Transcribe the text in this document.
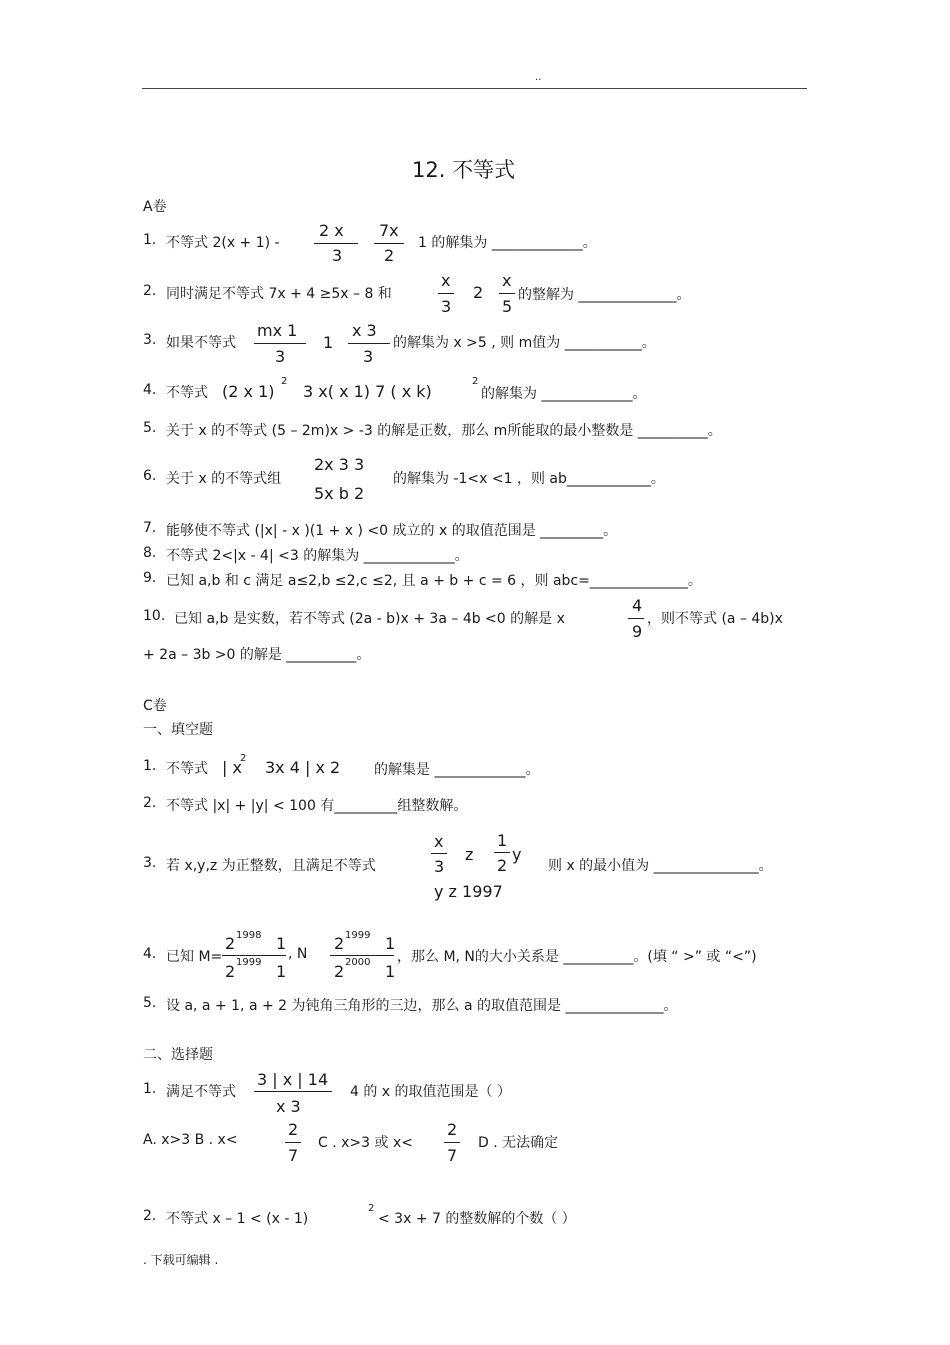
..
12. 不等式
A卷
1. 不等式 2(x + 1) -
2 x
3
7x
2
1 的解集为 _____________。
2. 同时满足不等式 7x + 4 ≥5x – 8 和
x
3
2
x
5
的整解为 ______________。
3. 如果不等式
mx 1
3
1
x 3
3
的解集为 x >5 , 则 m值为 ___________。
4. 不等式 (2 x 1)
2
3 x( x 1) 7 ( x k)
2
的解集为 _____________。
5. 关于 x 的不等式 (5 – 2m)x > -3 的解是正数，那么 m所能取的最小整数是 __________。
6. 关于 x 的不等式组
2x 3 3
5x b 2
的解集为 -1<x <1 ，则 ab____________。
7. 能够使不等式 (|x| - x )(1 + x ) <0 成立的 x 的取值范围是 _________。
8. 不等式 2<|x - 4| <3 的解集为 _____________。
9. 已知 a,b 和 c 满足 a≤2,b ≤2,c ≤2, 且 a + b + c = 6 ，则 abc=______________。
10. 已知 a,b 是实数，若不等式 (2a - b)x + 3a – 4b <0 的解是 x
4
9
，则不等式 (a – 4b)x
+ 2a – 3b >0 的解是 __________。
C卷
一、填空题
1. 不等式 | x
2 3x 4 | x 2 的解集是 _____________。
2. 不等式 |x| + |y| < 100 有_________组整数解。
3. 若 x,y,z 为正整数，且满足不等式
x
3
z
1
2
y
y z 1997
则 x 的最小值为 _______________。
4. 已知 M=
2 1998 1
2 1999 1
, N
2 1999 1
2 2000 1
，那么 M, N的大小关系是 __________。(填 “ >” 或 “<”)
5. 设 a, a + 1, a + 2 为钝角三角形的三边，那么 a 的取值范围是 ______________。
二、选择题
1. 满足不等式
3 | x | 14
x 3
4 的 x 的取值范围是（ ）
A. x>3 B . x<
2
7
C . x>3 或 x<
2
7
D . 无法确定
2. 不等式 x – 1 < (x - 1)
2
< 3x + 7 的整数解的个数（ ）
. 下载可编辑 .
